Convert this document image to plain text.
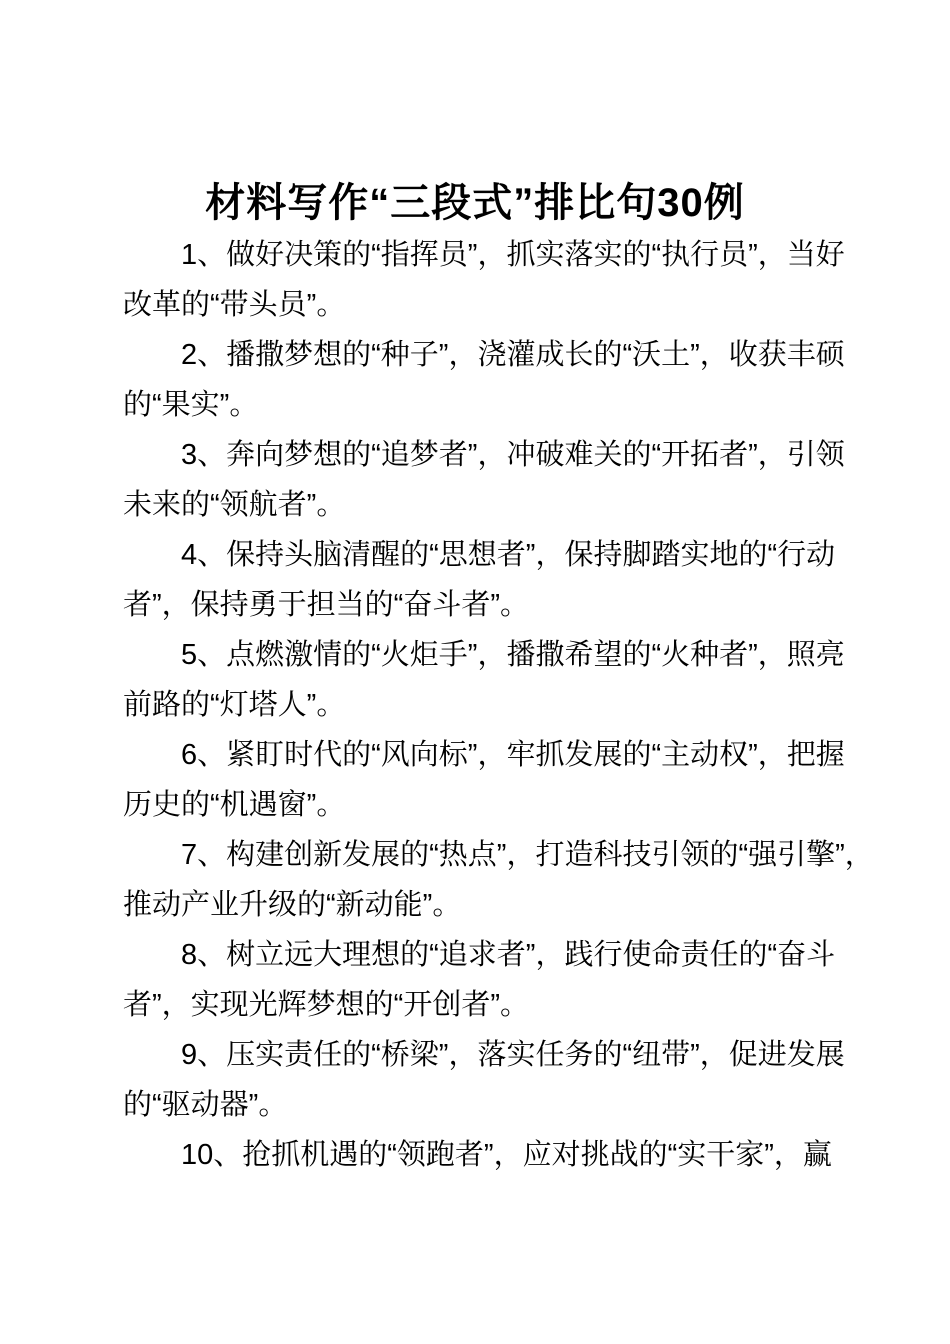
材料写作“三段式”排比句30例

1、做好决策的“指挥员”，抓实落实的“执行员”，当好
改革的“带头员”。

2、播撒梦想的“种子”，浇灌成长的“沃土”，收获丰硕
的“果实”。

3、奔向梦想的“追梦者”，冲破难关的“开拓者”，引领
未来的“领航者”。

4、保持头脑清醒的“思想者”，保持脚踏实地的“行动
者”，保持勇于担当的“奋斗者”。

5、点燃激情的“火炬手”，播撒希望的“火种者”，照亮
前路的“灯塔人”。

6、紧盯时代的“风向标”，牢抓发展的“主动权”，把握
历史的“机遇窗”。

7、构建创新发展的“热点”，打造科技引领的“强引擎”，
推动产业升级的“新动能”。

8、树立远大理想的“追求者”，践行使命责任的“奋斗
者”，实现光辉梦想的“开创者”。

9、压实责任的“桥梁”，落实任务的“纽带”，促进发展
的“驱动器”。

10、抢抓机遇的“领跑者”，应对挑战的“实干家”，赢
